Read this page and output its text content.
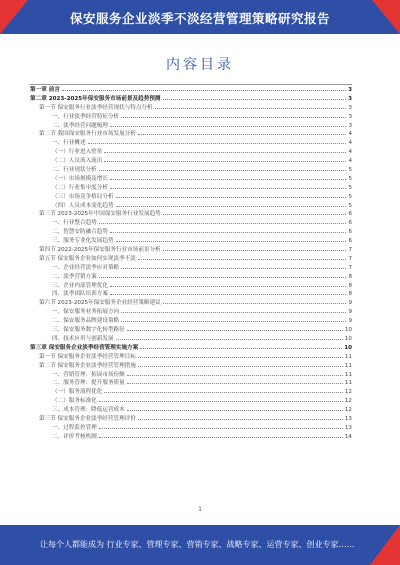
保安服务企业淡季不淡经营管理策略研究报告
内容目录
第一章 前言	3
第二章 2023-2025年保安服务市场前景及趋势预测	3
第一节 保安服务行业淡季经营现状与特点分析	3
一、行业淡季经营特征分析	3
二、淡季经营问题梳理	3
第二节 我国保安服务行业市场发展分析	4
一、行业概述	4
（一）行业进入壁垒	4
（二）人员流入流出	4
二、行业现状分析	5
（一）市场规模及增长	5
（二）行业集中度分析	5
（三）市场竞争格局分析	5
（四）人员成本变化趋势	5
第三节 2023-2025年中国保安服务行业发展趋势	6
一、行业整合趋势	6
二、智慧安防融合趋势	6
三、服务专业化发展趋势	6
第四节 2022-2025年保安服务行业市场前景分析	7
第五节 保安服务企业如何实现淡季不淡	7
一、企业经营淡季应对策略	7
二、淡季营销方案	8
三、企业内部管理优化	8
四、淡季团队培训方案	8
第六节 2023-2025年保安服务企业经营策略建议	9
一、保安服务业务拓展方向	9
二、保安服务品牌建设策略	9
三、保安服务数字化转型路径	10
四、技术应用与创新发展	10
第三章 保安服务企业淡季经营管理实施方案	10
第一节 保安服务企业淡季经营管理目标	11
第二节 保安服务企业淡季经营管理措施	11
一、营销管理：拓展市场份额	11
二、服务管理：提升服务质量	11
（一）服务流程优化	12
（二）服务标准化	12
三、成本管理：降低运营成本	12
第三节 保安服务企业淡季经营管理评价	13
一、过程监控管理	13
二、评价考核机制	14
1
让每个人都能成为 行业专家、管理专家、营销专家、战略专家、运营专家、创业专家……
